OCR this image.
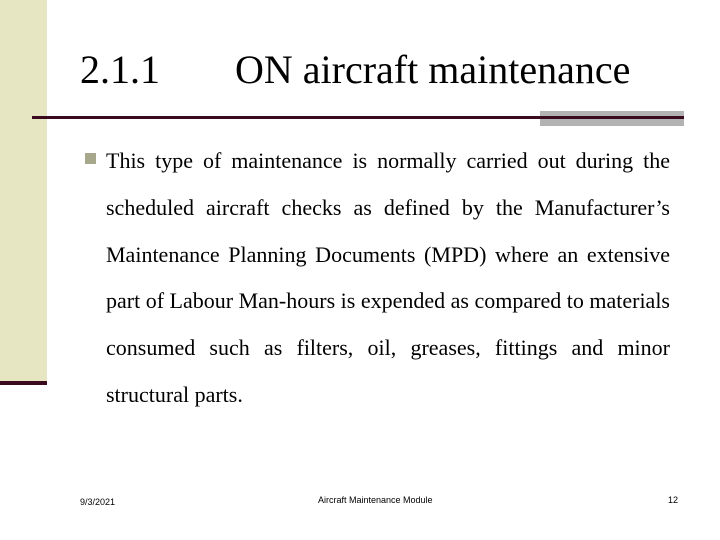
2.1.1 ON aircraft maintenance

This type of maintenance is normally carried out during the scheduled aircraft checks as defined by the Manufacturer’s Maintenance Planning Documents (MPD) where an extensive part of Labour Man-hours is expended as compared to materials consumed such as filters, oil, greases, fittings and minor structural parts.

9/3/2021	Aircraft Maintenance Module	12
